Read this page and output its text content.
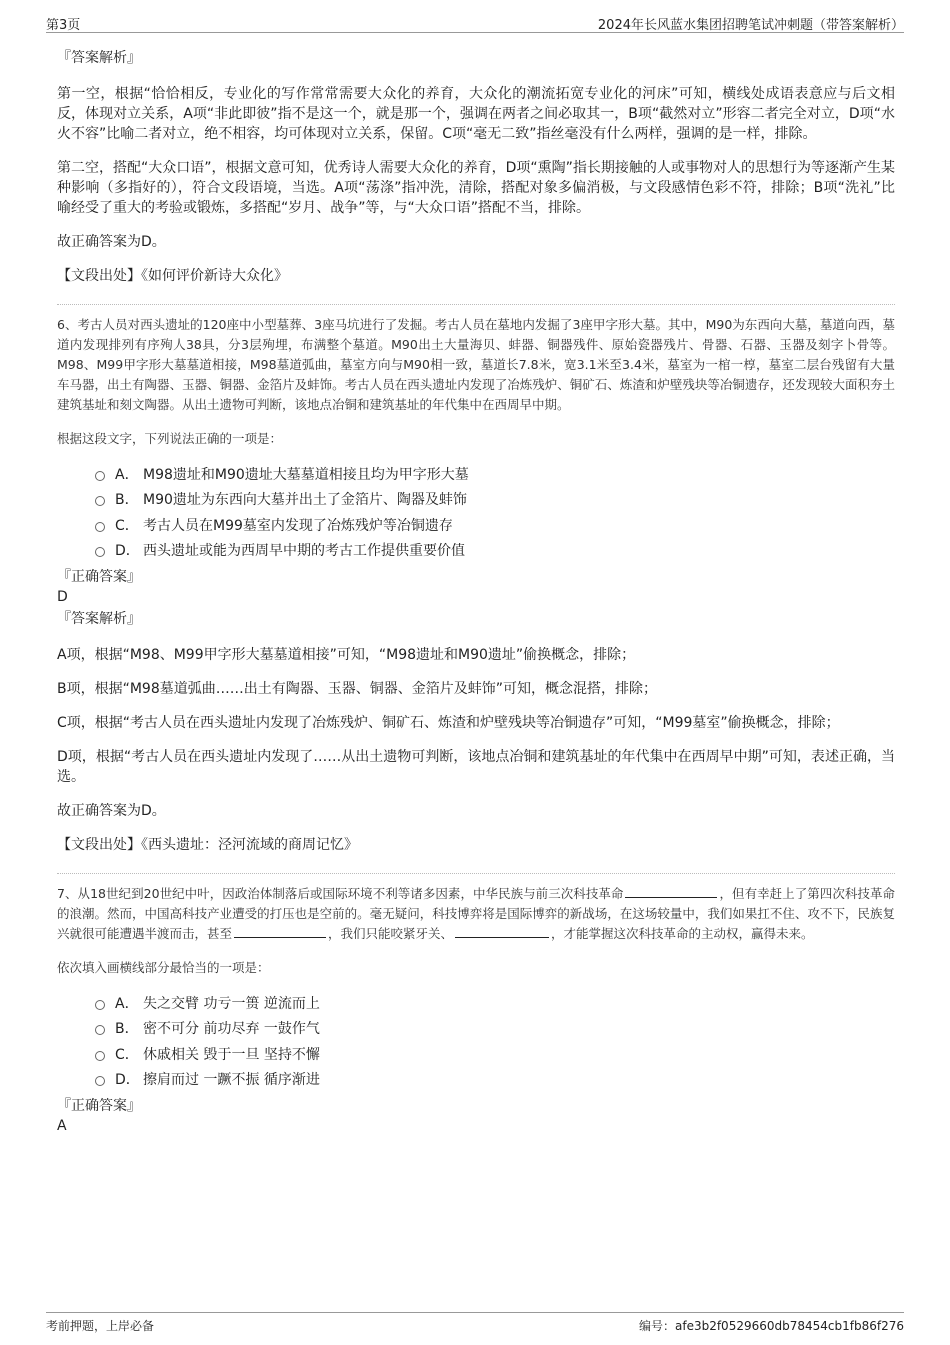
第3页	2024年长风蓝水集团招聘笔试冲刺题（带答案解析）
『答案解析』

第一空，根据“恰恰相反，专业化的写作常常需要大众化的养育，大众化的潮流拓宽专业化的河床”可知，横线处成语表意应与后文相反，体现对立关系，A项“非此即彼”指不是这一个，就是那一个，强调在两者之间必取其一，B项“截然对立”形容二者完全对立，D项“水火不容”比喻二者对立，绝不相容，均可体现对立关系，保留。C项“毫无二致”指丝毫没有什么两样，强调的是一样，排除。

第二空，搭配“大众口语”，根据文意可知，优秀诗人需要大众化的养育，D项“熏陶”指长期接触的人或事物对人的思想行为等逐渐产生某种影响（多指好的），符合文段语境，当选。A项“荡涤”指冲洗，清除，搭配对象多偏消极，与文段感情色彩不符，排除；B项“洗礼”比喻经受了重大的考验或锻炼，多搭配“岁月、战争”等，与“大众口语”搭配不当，排除。

故正确答案为D。

【文段出处】《如何评价新诗大众化》

6、考古人员对西头遗址的120座中小型墓葬、3座马坑进行了发掘。考古人员在墓地内发掘了3座甲字形大墓。其中，M90为东西向大墓，墓道向西，墓道内发现排列有序殉人38具，分3层殉埋，布满整个墓道。M90出土大量海贝、蚌器、铜器残件、原始瓷器残片、骨器、石器、玉器及刻字卜骨等。M98、M99甲字形大墓墓道相接，M98墓道弧曲，墓室方向与M90相一致，墓道长7.8米，宽3.1米至3.4米，墓室为一棺一椁，墓室二层台残留有大量车马器，出土有陶器、玉器、铜器、金箔片及蚌饰。考古人员在西头遗址内发现了冶炼残炉、铜矿石、炼渣和炉壁残块等冶铜遗存，还发现较大面积夯土建筑基址和刻文陶器。从出土遗物可判断，该地点冶铜和建筑基址的年代集中在西周早中期。

根据这段文字，下列说法正确的一项是：

A． M98遗址和M90遗址大墓墓道相接且均为甲字形大墓
B． M90遗址为东西向大墓并出土了金箔片、陶器及蚌饰
C． 考古人员在M99墓室内发现了冶炼残炉等冶铜遗存
D． 西头遗址或能为西周早中期的考古工作提供重要价值

『正确答案』

D

『答案解析』

A项，根据“M98、M99甲字形大墓墓道相接”可知，“M98遗址和M90遗址”偷换概念，排除；

B项，根据“M98墓道弧曲……出土有陶器、玉器、铜器、金箔片及蚌饰”可知，概念混搭，排除；

C项，根据“考古人员在西头遗址内发现了冶炼残炉、铜矿石、炼渣和炉壁残块等冶铜遗存”可知，“M99墓室”偷换概念，排除；

D项，根据“考古人员在西头遗址内发现了……从出土遗物可判断，该地点冶铜和建筑基址的年代集中在西周早中期”可知，表述正确，当选。

故正确答案为D。

【文段出处】《西头遗址：泾河流域的商周记忆》

7、从18世纪到20世纪中叶，因政治体制落后或国际环境不利等诸多因素，中华民族与前三次科技革命	，但有幸赶上了第四次科技革命的浪潮。然而，中国高科技产业遭受的打压也是空前的。毫无疑问，科技博弈将是国际博弈的新战场，在这场较量中，我们如果扛不住、攻不下，民族复兴就很可能遭遇半渡而击，甚至	，我们只能咬紧牙关、	，才能掌握这次科技革命的主动权，赢得未来。

依次填入画横线部分最恰当的一项是：

A． 失之交臂 功亏一篑 逆流而上
B． 密不可分 前功尽弃 一鼓作气
C． 休戚相关 毁于一旦 坚持不懈
D． 擦肩而过 一蹶不振 循序渐进

『正确答案』

A

考前押题，上岸必备	编号：afe3b2f0529660db78454cb1fb86f276
